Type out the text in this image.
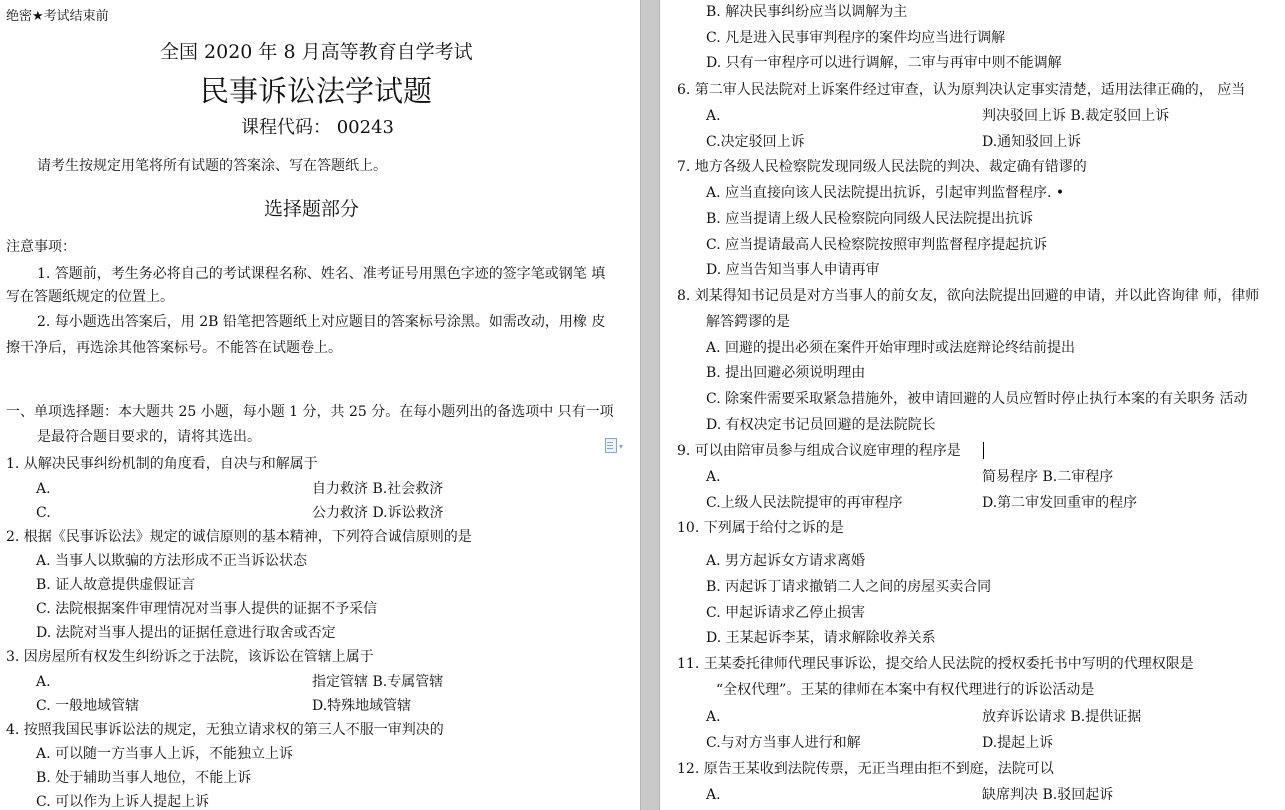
绝密★考试结束前
全国 2020 年 8 月高等教育自学考试
民事诉讼法学试题
课程代码： 00243
请考生按规定用笔将所有试题的答案涂、写在答题纸上。
选择题部分
注意事项：
1. 答题前，考生务必将自己的考试课程名称、姓名、准考证号用黑色字迹的签字笔或钢笔 填
写在答题纸规定的位置上。
2. 每小题选出答案后，用 2B 铅笔把答题纸上对应题目的答案标号涂黑。如需改动，用橡 皮
擦干净后，再选涂其他答案标号。不能答在试题卷上。
一、单项选择题：本大题共 25 小题，每小题 1 分，共 25 分。在每小题列出的备选项中 只有一项
是最符合题目要求的，请将其选出。
1. 从解决民事纠纷机制的角度看，自决与和解属于
A.	自力救济 B.社会救济
C.	公力救济 D.诉讼救济
2. 根据《民事诉讼法》规定的诚信原则的基本精神，下列符合诚信原则的是
A. 当事人以欺骗的方法形成不正当诉讼状态
B. 证人故意提供虚假证言
C. 法院根据案件审理情况对当事人提供的证据不予采信
D. 法院对当事人提出的证据任意进行取舍或否定
3. 因房屋所有权发生纠纷诉之于法院，该诉讼在管辖上属于
A.	指定管辖 B.专属管辖
C. 一般地域管辖	D.特殊地域管辖
4. 按照我国民事诉讼法的规定，无独立请求权的第三人不服一审判决的
A. 可以随一方当事人上诉，不能独立上诉
B. 处于辅助当事人地位，不能上诉
C. 可以作为上诉人提起上诉
▾
B. 解决民事纠纷应当以调解为主
C. 凡是进入民事审判程序的案件均应当进行调解
D. 只有一审程序可以进行调解，二审与再审中则不能调解
6. 第二审人民法院对上诉案件经过审查，认为原判决认定事实清楚，适用法律正确的， 应当
A.	判决驳回上诉 B.裁定驳回上诉
C.决定驳回上诉	D.通知驳回上诉
7. 地方各级人民检察院发现同级人民法院的判决、裁定确有错谬的
A. 应当直接向该人民法院提出抗诉，引起审判监督程序. •
B. 应当提请上级人民检察院向同级人民法院提出抗诉
C. 应当提请最高人民检察院按照审判监督程序提起抗诉
D. 应当告知当事人申请再审
8. 刘某得知书记员是对方当事人的前女友，欲向法院提出回避的申请，并以此咨询律 师，律师
解答鍔谬的是
A. 回避的提出必须在案件开始审理时或法庭辩论终结前提出
B. 提出回避必须说明理由
C. 除案件需要采取紧急措施外，被申请回避的人员应暂时停止执行本案的有关职务 活动
D. 有权决定书记员回避的是法院院长
9. 可以由陪审员参与组成合议庭审理的程序是
A.	简易程序 B.二审程序
C.上级人民法院提审的再审程序	D.第二审发回重审的程序
10. 下列属于给付之诉的是
A. 男方起诉女方请求离婚
B. 丙起诉丁请求撤销二人之间的房屋买卖合同
C. 甲起诉请求乙停止损害
D. 王某起诉李某，请求解除收养关系
11. 王某委托律师代理民事诉讼，提交给人民法院的授权委托书中写明的代理权限是
“全权代理”。王某的律师在本案中有权代理进行的诉讼活动是
A.	放弃诉讼请求 B.提供证据
C.与对方当事人进行和解	D.提起上诉
12. 原告王某收到法院传票，无正当理由拒不到庭，法院可以
A.	缺席判决 B.驳回起诉
